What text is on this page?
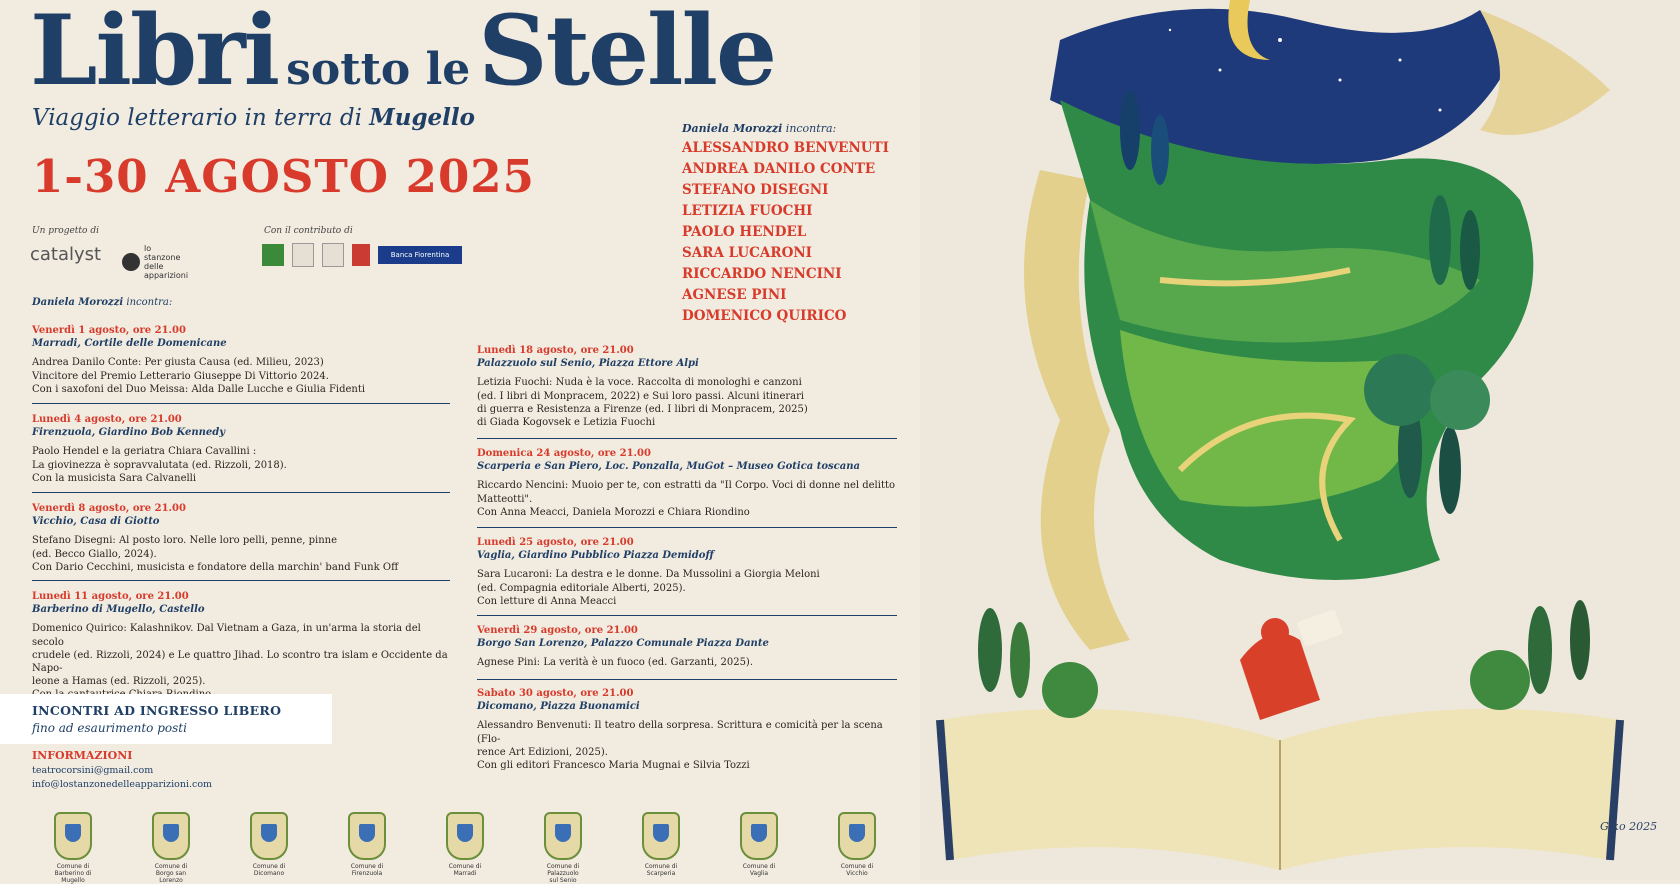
Libri sotto leStelle
Viaggio letterario in terra di Mugello
1-30 AGOSTO 2025
Un progetto di
catalyst	lo stanzone delle apparizioni
Con il contributo di
Banca Fiorentina
Daniela Morozzi incontra:
Venerdì 1 agosto, ore 21.00
Marradi, Cortile delle Domenicane
Andrea Danilo Conte: Per giusta Causa (ed. Milieu, 2023)
Vincitore del Premio Letterario Giuseppe Di Vittorio 2024.
Con i saxofoni del Duo Meissa: Alda Dalle Lucche e Giulia Fidenti
Lunedì 4 agosto, ore 21.00
Firenzuola, Giardino Bob Kennedy
Paolo Hendel e la geriatra Chiara Cavallini :
La giovinezza è sopravvalutata (ed. Rizzoli, 2018).
Con la musicista Sara Calvanelli
Venerdì 8 agosto, ore 21.00
Vicchio, Casa di Giotto
Stefano Disegni: Al posto loro. Nelle loro pelli, penne, pinne
(ed. Becco Giallo, 2024).
Con Dario Cecchini, musicista e fondatore della marchin' band Funk Off
Lunedì 11 agosto, ore 21.00
Barberino di Mugello, Castello
Domenico Quirico: Kalashnikov. Dal Vietnam a Gaza, in un'arma la storia del secolo
crudele (ed. Rizzoli, 2024) e Le quattro Jihad. Lo scontro tra islam e Occidente da Napo-
leone a Hamas (ed. Rizzoli, 2025).
Lunedì 18 agosto, ore 21.00
Palazzuolo sul Senio, Piazza Ettore Alpi
Letizia Fuochi: Nuda è la voce. Raccolta di monologhi e canzoni
(ed. I libri di Monpracem, 2022) e Sui loro passi. Alcuni itinerari
di guerra e Resistenza a Firenze (ed. I libri di Monpracem, 2025)
di Giada Kogovsek e Letizia Fuochi
Domenica 24 agosto, ore 21.00
Scarperia e San Piero, Loc. Ponzalla, MuGot – Museo Gotica toscana
Riccardo Nencini: Muoio per te, con estratti da "Il Corpo. Voci di donne nel delitto
Matteotti".
Con Anna Meacci, Daniela Morozzi e Chiara Riondino
Lunedì 25 agosto, ore 21.00
Vaglia, Giardino Pubblico Piazza Demidoff
Sara Lucaroni: La destra e le donne. Da Mussolini a Giorgia Meloni
(ed. Compagnia editoriale Alberti, 2025).
Con letture di Anna Meacci
Venerdì 29 agosto, ore 21.00
Borgo San Lorenzo, Palazzo Comunale Piazza Dante
Agnese Pini: La verità è un fuoco (ed. Garzanti, 2025).
Sabato 30 agosto, ore 21.00
Dicomano, Piazza Buonamici
Alessandro Benvenuti: Il teatro della sorpresa. Scrittura e comicità per la scena (Flo-
rence Art Edizioni, 2025).
Con gli editori Francesco Maria Mugnai e Silvia Tozzi
Daniela Morozzi incontra:
ALESSANDRO BENVENUTI
ANDREA DANILO CONTE
STEFANO DISEGNI
LETIZIA FUOCHI
PAOLO HENDEL
SARA LUCARONI
RICCARDO NENCINI
AGNESE PINI
DOMENICO QUIRICO
INCONTRI AD INGRESSO LIBERO
fino ad esaurimento posti
INFORMAZIONI
teatrocorsini@gmail.com
info@lostanzonedelleapparizioni.com
Comune di Barberino di Mugello
Comune di Borgo san Lorenzo
Comune di Dicomano
Comune di Firenzuola
Comune di Marradi
Comune di Palazzuolo sul Senio
Comune di Scarperia
Comune di Vaglia
Comune di Vicchio
Giko 2025
